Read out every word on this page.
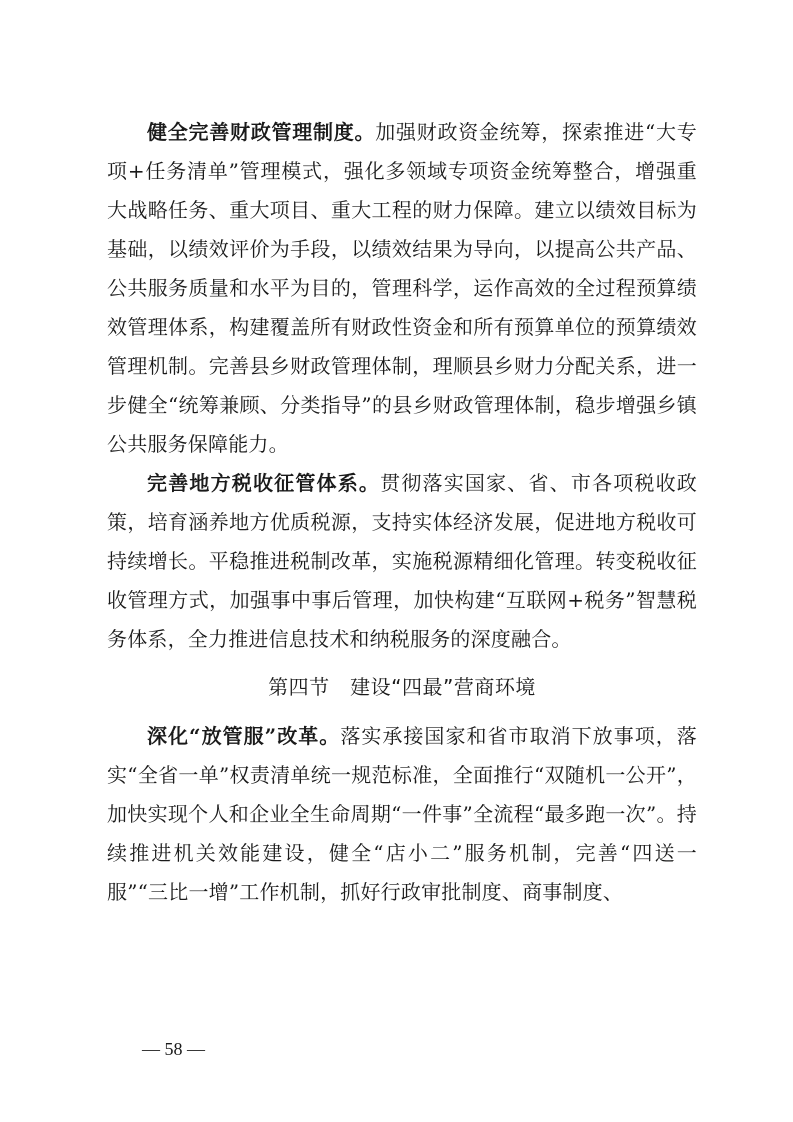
健全完善财政管理制度。加强财政资金统筹，探索推进“大专项+任务清单”管理模式，强化多领域专项资金统筹整合，增强重大战略任务、重大项目、重大工程的财力保障。建立以绩效目标为基础，以绩效评价为手段，以绩效结果为导向，以提高公共产品、公共服务质量和水平为目的，管理科学，运作高效的全过程预算绩效管理体系，构建覆盖所有财政性资金和所有预算单位的预算绩效管理机制。完善县乡财政管理体制，理顺县乡财力分配关系，进一步健全“统筹兼顾、分类指导”的县乡财政管理体制，稳步增强乡镇公共服务保障能力。

完善地方税收征管体系。贯彻落实国家、省、市各项税收政策，培育涵养地方优质税源，支持实体经济发展，促进地方税收可持续增长。平稳推进税制改革，实施税源精细化管理。转变税收征收管理方式，加强事中事后管理，加快构建“互联网+税务”智慧税务体系，全力推进信息技术和纳税服务的深度融合。

第四节　建设“四最”营商环境

深化“放管服”改革。落实承接国家和省市取消下放事项，落实“全省一单”权责清单统一规范标准，全面推行“双随机一公开”，加快实现个人和企业全生命周期“一件事”全流程“最多跑一次”。持续推进机关效能建设，健全“店小二”服务机制，完善“四送一服”“三比一增”工作机制，抓好行政审批制度、商事制度、

— 58 —
